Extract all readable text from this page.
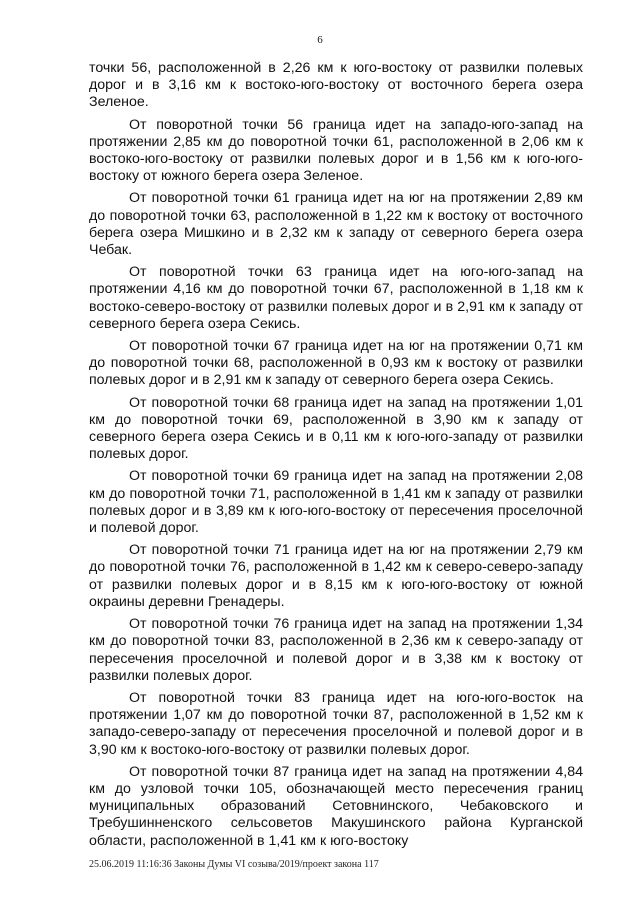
6

точки 56, расположенной в 2,26 км к юго-востоку от развилки полевых дорог и в 3,16 км к востоко-юго-востоку от восточного берега озера Зеленое.

От поворотной точки 56 граница идет на западо-юго-запад на протяжении 2,85 км до поворотной точки 61, расположенной в 2,06 км к востоко-юго-востоку от развилки полевых дорог и в 1,56 км к юго-юго-востоку от южного берега озера Зеленое.

От поворотной точки 61 граница идет на юг на протяжении 2,89 км до поворотной точки 63, расположенной в 1,22 км к востоку от восточного берега озера Мишкино и в 2,32 км к западу от северного берега озера Чебак.

От поворотной точки 63 граница идет на юго-юго-запад на протяжении 4,16 км до поворотной точки 67, расположенной в 1,18 км к востоко-северо-востоку от развилки полевых дорог и в 2,91 км к западу от северного берега озера Секись.

От поворотной точки 67 граница идет на юг на протяжении 0,71 км до поворотной точки 68, расположенной в 0,93 км к востоку от развилки полевых дорог и в 2,91 км к западу от северного берега озера Секись.

От поворотной точки 68 граница идет на запад на протяжении 1,01 км до поворотной точки 69, расположенной в 3,90 км к западу от северного берега озера Секись и в 0,11 км к юго-юго-западу от развилки полевых дорог.

От поворотной точки 69 граница идет на запад на протяжении 2,08 км до поворотной точки 71, расположенной в 1,41 км к западу от развилки полевых дорог и в 3,89 км к юго-юго-востоку от пересечения проселочной и полевой дорог.

От поворотной точки 71 граница идет на юг на протяжении 2,79 км до поворотной точки 76, расположенной в 1,42 км к северо-северо-западу от развилки полевых дорог и в 8,15 км к юго-юго-востоку от южной окраины деревни Гренадеры.

От поворотной точки 76 граница идет на запад на протяжении 1,34 км до поворотной точки 83, расположенной в 2,36 км к северо-западу от пересечения проселочной и полевой дорог и в 3,38 км к востоку от развилки полевых дорог.

От поворотной точки 83 граница идет на юго-юго-восток на протяжении 1,07 км до поворотной точки 87, расположенной в 1,52 км к западо-северо-западу от пересечения проселочной и полевой дорог и в 3,90 км к востоко-юго-востоку от развилки полевых дорог.

От поворотной точки 87 граница идет на запад на протяжении 4,84 км до узловой точки 105, обозначающей место пересечения границ муниципальных образований Сетовнинского, Чебаковского и Требушинненского сельсоветов Макушинского района Курганской области, расположенной в 1,41 км к юго-востоку

25.06.2019 11:16:36 Законы Думы VI созыва/2019/проект закона 117
